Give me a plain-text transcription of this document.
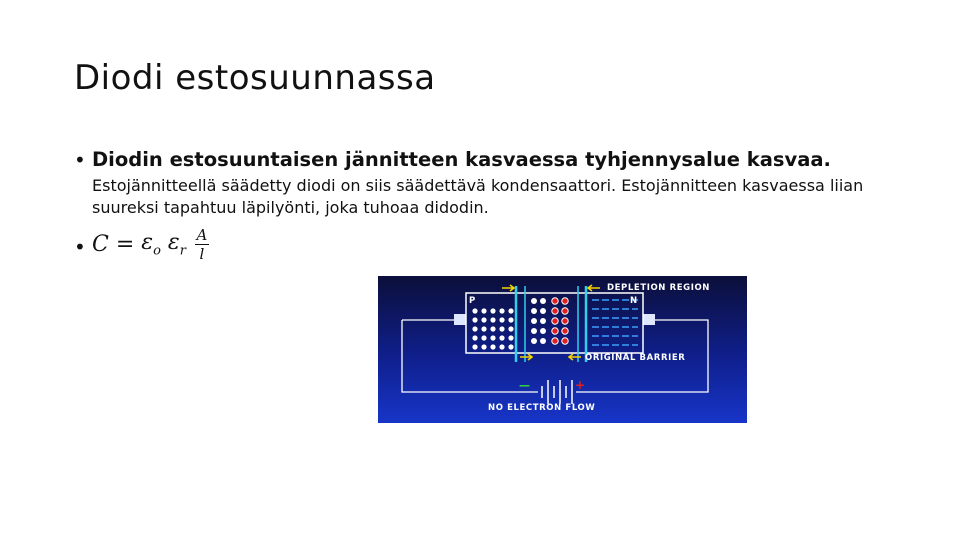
Diodi estosuunnassa
• Diodin estosuuntaisen jännitteen kasvaessa tyhjennysalue kasvaa.
Estojännitteellä säädetty diodi on siis säädettävä kondensaattori. Estojännitteen kasvaessa liian suureksi tapahtuu läpilyönti, joka tuhoaa didodin.
• $C = \varepsilon_o$ $\varepsilon_r \frac{A}{l}$
DEPLETION REGION
P	N
ORIGINAL BARRIER
—	+
NO ELECTRON FLOW
